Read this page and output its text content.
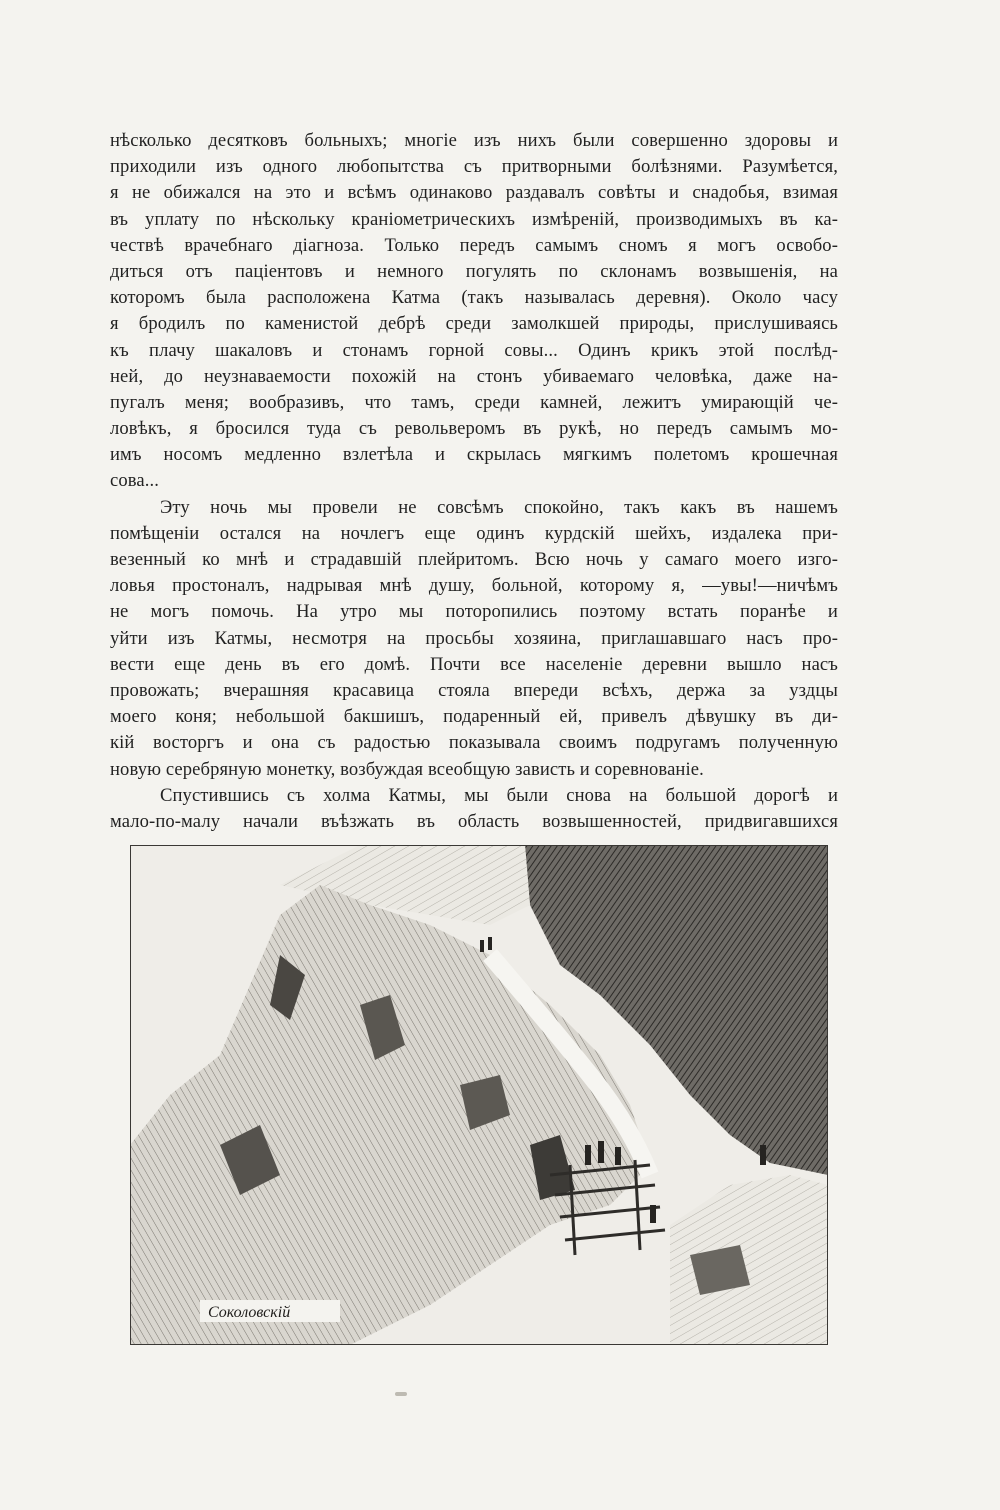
нѣсколько десятковъ больныхъ; многіе изъ нихъ были совершенно здоровы и
приходили изъ одного любопытства съ притворными болѣзнями. Разумѣется,
я не обижался на это и всѣмъ одинаково раздавалъ совѣты и снадобья, взимая
въ уплату по нѣскольку краніометрическихъ измѣреній, производимыхъ въ ка-
чествѣ врачебнаго діагноза. Только передъ самымъ сномъ я могъ освобо-
диться отъ паціентовъ и немного погулять по склонамъ возвышенія, на
которомъ была расположена Катма (такъ называлась деревня). Около часу
я бродилъ по каменистой дебрѣ среди замолкшей природы, прислушиваясь
къ плачу шакаловъ и стонамъ горной совы... Одинъ крикъ этой послѣд-
ней, до неузнаваемости похожій на стонъ убиваемаго человѣка, даже на-
пугалъ меня; вообразивъ, что тамъ, среди камней, лежитъ умирающій че-
ловѣкъ, я бросился туда съ револьверомъ въ рукѣ, но передъ самымъ мо-
имъ носомъ медленно взлетѣла и скрылась мягкимъ полетомъ крошечная
сова...
Эту ночь мы провели не совсѣмъ спокойно, такъ какъ въ нашемъ
помѣщеніи остался на ночлегъ еще одинъ курдскій шейхъ, издалека при-
везенный ко мнѣ и страдавшій плейритомъ. Всю ночь у самаго моего изго-
ловья простоналъ, надрывая мнѣ душу, больной, которому я, —увы!—ничѣмъ
не могъ помочь. На утро мы поторопились поэтому встать поранѣе и
уйти изъ Катмы, несмотря на просьбы хозяина, приглашавшаго насъ про-
вести еще день въ его домѣ. Почти все населеніе деревни вышло насъ
провожать; вчерашняя красавица стояла впереди всѣхъ, держа за уздцы
моего коня; небольшой бакшишъ, подаренный ей, привелъ дѣвушку въ ди-
кій восторгъ и она съ радостью показывала своимъ подругамъ полученную
новую серебряную монетку, возбуждая всеобщую зависть и соревнованіе.
Спустившись съ холма Катмы, мы были снова на большой дорогѣ и
мало-по-малу начали въѣзжать въ область возвышенностей, придвигавшихся
Соколовскій
